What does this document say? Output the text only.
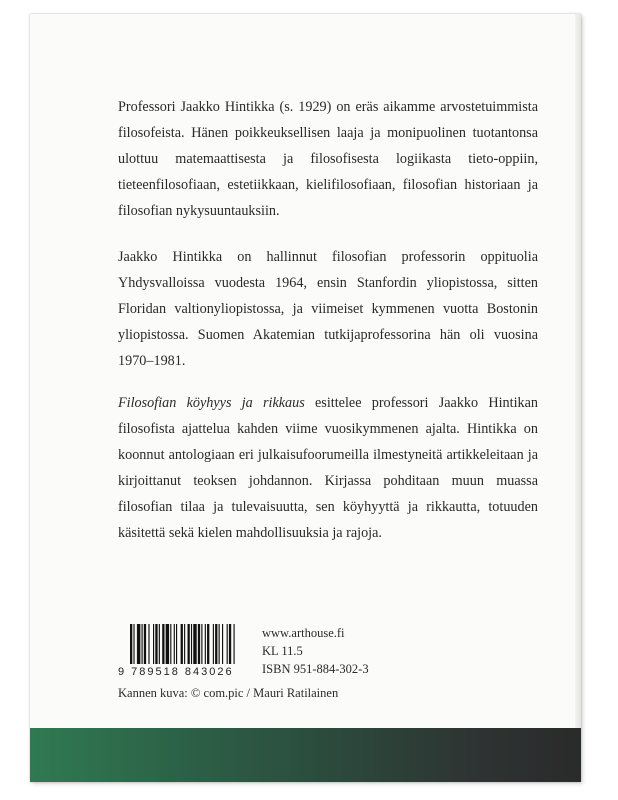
Professori Jaakko Hintikka (s. 1929) on eräs aikamme arvostetuimmista filosofeista. Hänen poikkeuksellisen laaja ja monipuolinen tuotantonsa ulottuu matemaattisesta ja filosofisesta logiikasta tieto-oppiin, tieteenfilosofiaan, estetiikkaan, kielifilosofiaan, filosofian historiaan ja filosofian nykysuuntauksiin.

Jaakko Hintikka on hallinnut filosofian professorin oppituolia Yhdysvalloissa vuodesta 1964, ensin Stanfordin yliopistossa, sitten Floridan valtionyliopistossa, ja viimeiset kymmenen vuotta Bostonin yliopistossa. Suomen Akatemian tutkijaprofessorina hän oli vuosina 1970–1981.

Filosofian köyhyys ja rikkaus esittelee professori Jaakko Hintikan filosofista ajattelua kahden viime vuosikymmenen ajalta. Hintikka on koonnut antologiaan eri julkaisufoorumeilla ilmestyneitä artikkeleitaan ja kirjoittanut teoksen johdannon. Kirjassa pohditaan muun muassa filosofian tilaa ja tulevaisuutta, sen köyhyyttä ja rikkautta, totuuden käsitettä sekä kielen mahdollisuuksia ja rajoja.

9 789518 843026
www.arthouse.fi
KL 11.5
ISBN 951-884-302-3
Kannen kuva: © com.pic / Mauri Ratilainen
